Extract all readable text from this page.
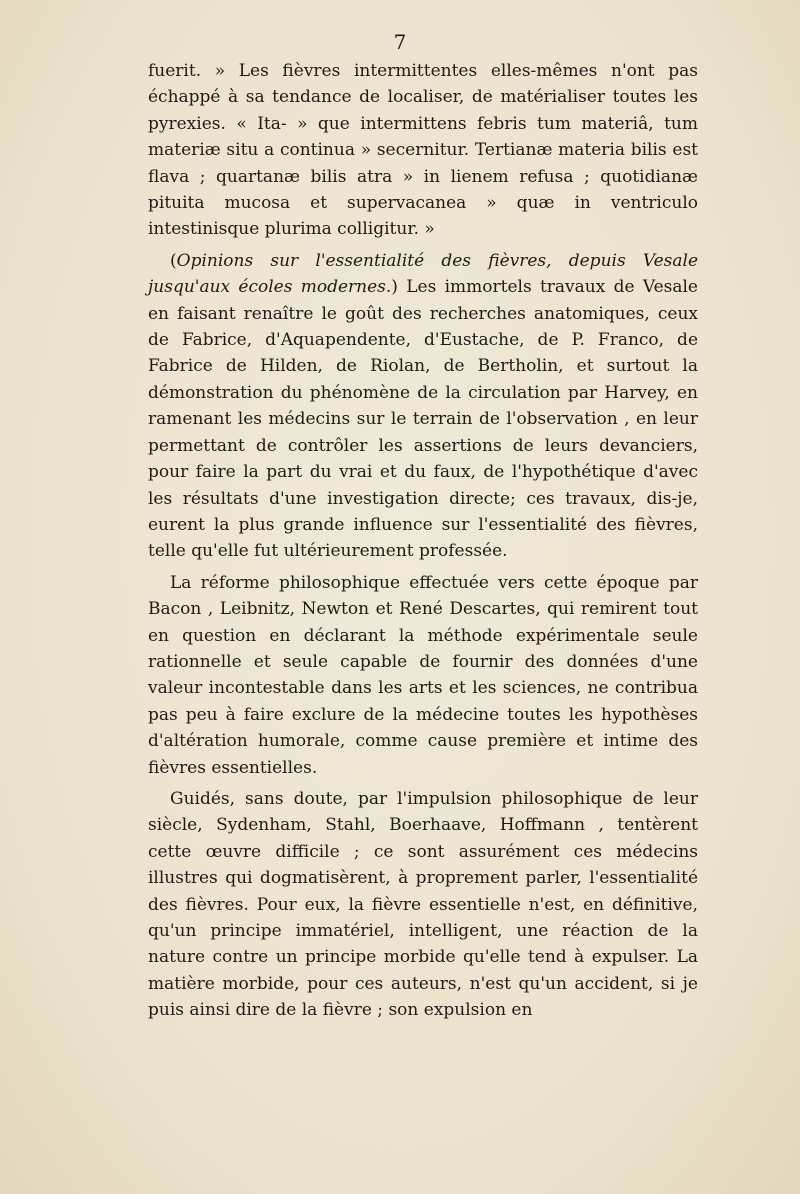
7

fuerit. » Les fièvres intermittentes elles-mêmes n'ont pas échappé à sa tendance de localiser, de matérialiser toutes les pyrexies. « Ita- » que intermittens febris tum materiâ, tum materiæ situ a continua » secernitur. Tertianæ materia bilis est flava ; quartanæ bilis atra » in lienem refusa ; quotidianæ pituita mucosa et supervacanea » quæ in ventriculo intestinisque plurima colligitur. »

(Opinions sur l'essentialité des fièvres, depuis Vesale jusqu'aux écoles modernes.) Les immortels travaux de Vesale en faisant renaître le goût des recherches anatomiques, ceux de Fabrice, d'Aquapendente, d'Eustache, de P. Franco, de Fabrice de Hilden, de Riolan, de Bertholin, et surtout la démonstration du phénomène de la circulation par Harvey, en ramenant les médecins sur le terrain de l'observation , en leur permettant de contrôler les assertions de leurs devanciers, pour faire la part du vrai et du faux, de l'hypothétique d'avec les résultats d'une investigation directe; ces travaux, dis-je, eurent la plus grande influence sur l'essentialité des fièvres, telle qu'elle fut ultérieurement professée.

La réforme philosophique effectuée vers cette époque par Bacon , Leibnitz, Newton et René Descartes, qui remirent tout en question en déclarant la méthode expérimentale seule rationnelle et seule capable de fournir des données d'une valeur incontestable dans les arts et les sciences, ne contribua pas peu à faire exclure de la médecine toutes les hypothèses d'altération humorale, comme cause première et intime des fièvres essentielles.

Guidés, sans doute, par l'impulsion philosophique de leur siècle, Sydenham, Stahl, Boerhaave, Hoffmann , tentèrent cette œuvre difficile ; ce sont assurément ces médecins illustres qui dogmatisèrent, à proprement parler, l'essentialité des fièvres. Pour eux, la fièvre essentielle n'est, en définitive, qu'un principe immatériel, intelligent, une réaction de la nature contre un principe morbide qu'elle tend à expulser. La matière morbide, pour ces auteurs, n'est qu'un accident, si je puis ainsi dire de la fièvre ; son expulsion en
